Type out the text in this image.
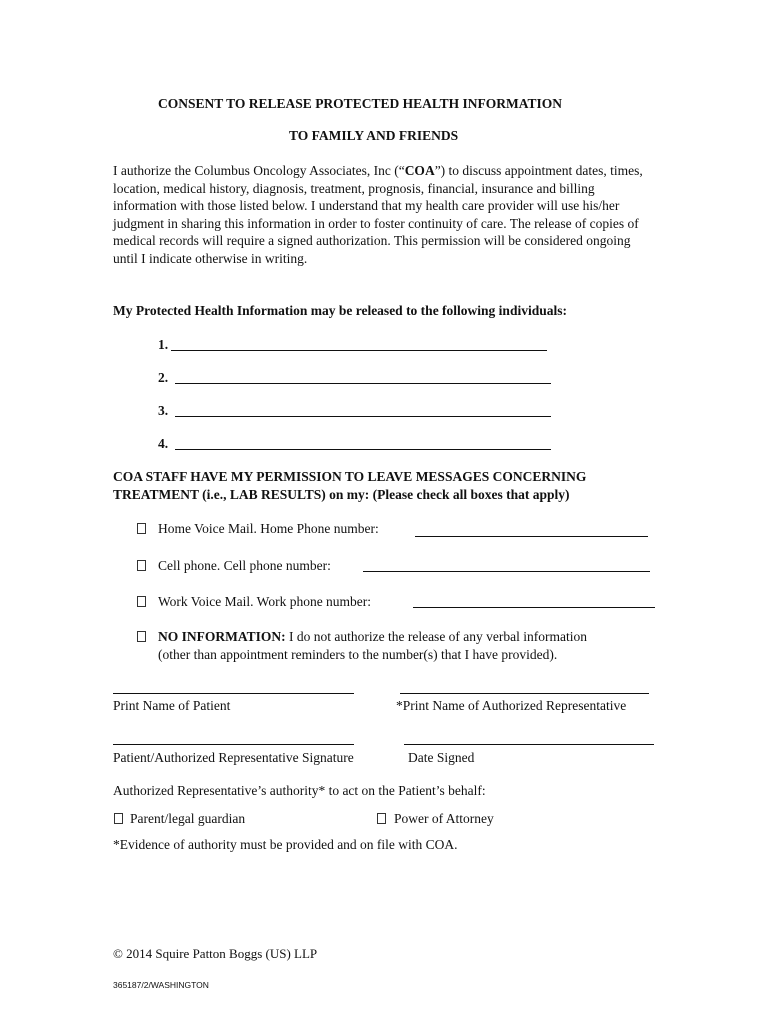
CONSENT TO RELEASE PROTECTED HEALTH INFORMATION
TO FAMILY AND FRIENDS
I authorize the Columbus Oncology Associates, Inc (“COA”) to discuss appointment dates, times, location, medical history, diagnosis, treatment, prognosis, financial, insurance and billing information with those listed below. I understand that my health care provider will use his/her judgment in sharing this information in order to foster continuity of care. The release of copies of medical records will require a signed authorization. This permission will be considered ongoing until I indicate otherwise in writing.
My Protected Health Information may be released to the following individuals:
1.
2.
3.
4.
COA STAFF HAVE MY PERMISSION TO LEAVE MESSAGES CONCERNING
TREATMENT (i.e., LAB RESULTS) on my: (Please check all boxes that apply)
Home Voice Mail. Home Phone number:
Cell phone. Cell phone number:
Work Voice Mail. Work phone number:
NO INFORMATION: I do not authorize the release of any verbal information
(other than appointment reminders to the number(s) that I have provided).
Print Name of Patient	*Print Name of Authorized Representative
Patient/Authorized Representative Signature	Date Signed
Authorized Representative’s authority* to act on the Patient’s behalf:
Parent/legal guardian	Power of Attorney
*Evidence of authority must be provided and on file with COA.
© 2014 Squire Patton Boggs (US) LLP
365187/2/WASHINGTON
